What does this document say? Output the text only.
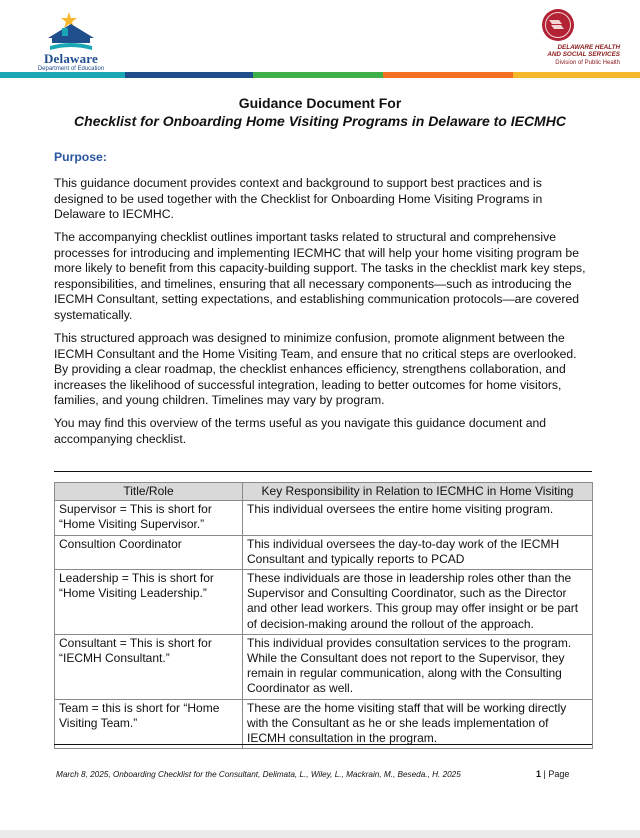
Delaware
Department of Education
DELAWARE HEALTH
AND SOCIAL SERVICES
Division of Public Health
Guidance Document For
Checklist for Onboarding Home Visiting Programs in Delaware to IECMHC
Purpose:

This guidance document provides context and background to support best practices and is designed to be used together with the Checklist for Onboarding Home Visiting Programs in Delaware to IECMHC.

The accompanying checklist outlines important tasks related to structural and comprehensive processes for introducing and implementing IECMHC that will help your home visiting program be more likely to benefit from this capacity-building support. The tasks in the checklist mark key steps, responsibilities, and timelines, ensuring that all necessary components—such as introducing the IECMH Consultant, setting expectations, and establishing communication protocols—are covered systematically.

This structured approach was designed to minimize confusion, promote alignment between the IECMH Consultant and the Home Visiting Team, and ensure that no critical steps are overlooked. By providing a clear roadmap, the checklist enhances efficiency, strengthens collaboration, and increases the likelihood of successful integration, leading to better outcomes for home visitors, families, and young children. Timelines may vary by program.

You may find this overview of the terms useful as you navigate this guidance document and accompanying checklist.

Title/Role	Key Responsibility in Relation to IECMHC in Home Visiting
Supervisor = This is short for “Home Visiting Supervisor.”	This individual oversees the entire home visiting program.
Consultion Coordinator	This individual oversees the day-to-day work of the IECMH Consultant and typically reports to PCAD
Leadership = This is short for “Home Visiting Leadership.”	These individuals are those in leadership roles other than the Supervisor and Consulting Coordinator, such as the Director and other lead workers. This group may offer insight or be part of decision-making around the rollout of the approach.
Consultant = This is short for “IECMH Consultant.”	This individual provides consultation services to the program. While the Consultant does not report to the Supervisor, they remain in regular communication, along with the Consulting Coordinator as well.
Team = this is short for “Home Visiting Team.”	These are the home visiting staff that will be working directly with the Consultant as he or she leads implementation of IECMH consultation in the program.
March 8, 2025, Onboarding Checklist for the Consultant, Delimata, L., Wiley, L., Mackrain, M., Beseda., H. 2025	1 | Page
